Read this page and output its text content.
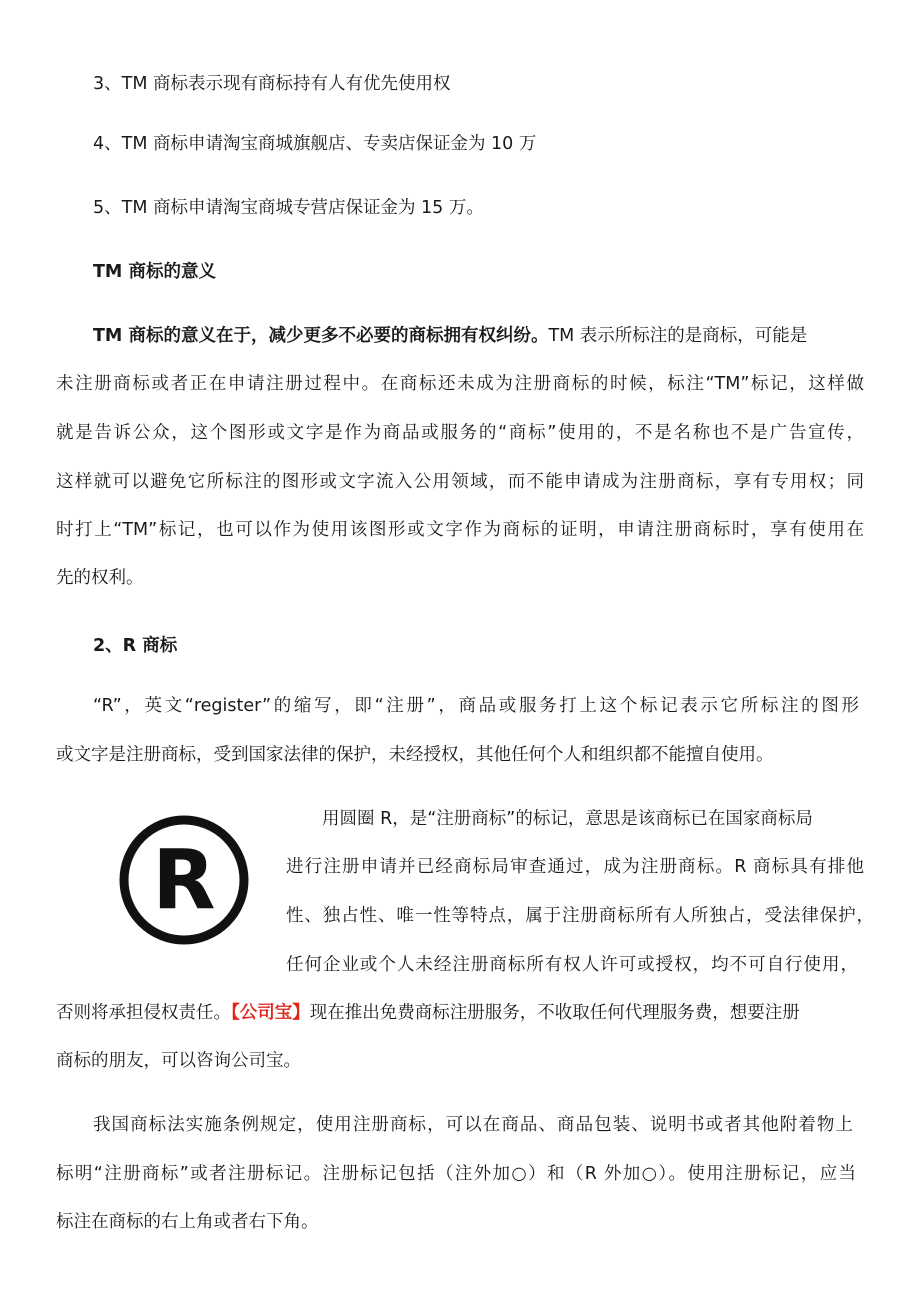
3、TM 商标表示现有商标持有人有优先使用权
4、TM 商标申请淘宝商城旗舰店、专卖店保证金为 10 万
5、TM 商标申请淘宝商城专营店保证金为 15 万。
TM 商标的意义
TM 商标的意义在于，减少更多不必要的商标拥有权纠纷。TM 表示所标注的是商标，可能是
未注册商标或者正在申请注册过程中。在商标还未成为注册商标的时候，标注“TM”标记，这样做
就是告诉公众，这个图形或文字是作为商品或服务的“商标”使用的，不是名称也不是广告宣传，
这样就可以避免它所标注的图形或文字流入公用领域，而不能申请成为注册商标，享有专用权；同
时打上“TM”标记，也可以作为使用该图形或文字作为商标的证明，申请注册商标时，享有使用在
先的权利。
2、R 商标
“R”，英文“register”的缩写，即“注册”，商品或服务打上这个标记表示它所标注的图形
或文字是注册商标，受到国家法律的保护，未经授权，其他任何个人和组织都不能擅自使用。
R
用圆圈 R，是“注册商标”的标记，意思是该商标已在国家商标局
进行注册申请并已经商标局审查通过，成为注册商标。R 商标具有排他
性、独占性、唯一性等特点，属于注册商标所有人所独占，受法律保护，
任何企业或个人未经注册商标所有权人许可或授权，均不可自行使用，
否则将承担侵权责任。【公司宝】现在推出免费商标注册服务，不收取任何代理服务费，想要注册
商标的朋友，可以咨询公司宝。
我国商标法实施条例规定，使用注册商标，可以在商品、商品包装、说明书或者其他附着物上
标明“注册商标”或者注册标记。注册标记包括（注外加○）和（R 外加○）。使用注册标记，应当
标注在商标的右上角或者右下角。
